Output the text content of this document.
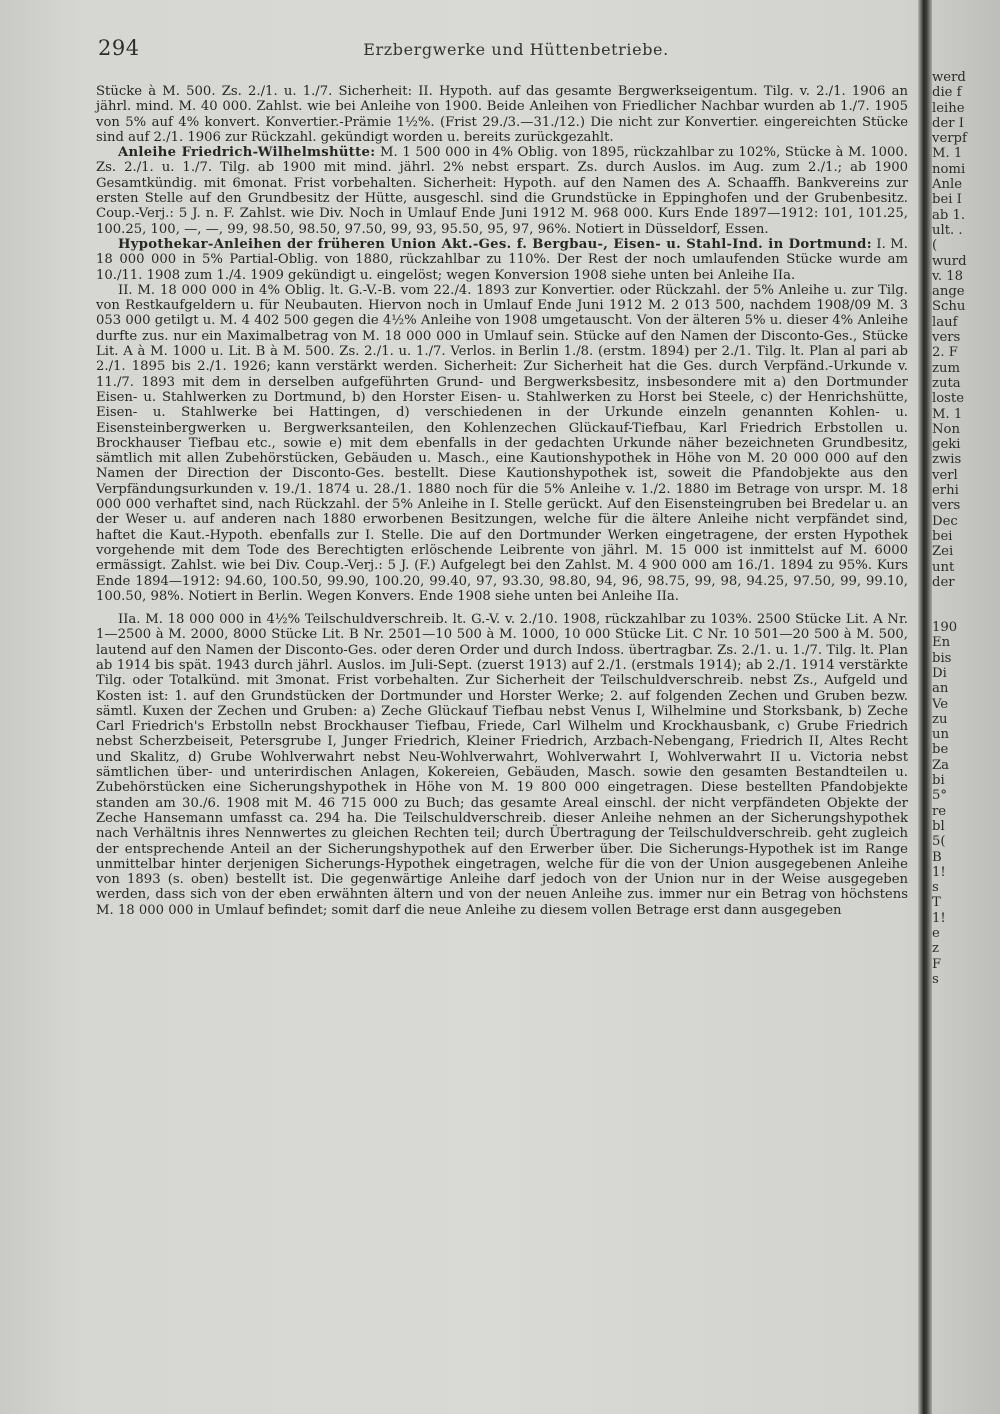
294	Erzbergwerke und Hüttenbetriebe.

Stücke à M. 500. Zs. 2./1. u. 1./7. Sicherheit: II. Hypoth. auf das gesamte Bergwerkseigentum. Tilg. v. 2./1. 1906 an jährl. mind. M. 40 000. Zahlst. wie bei Anleihe von 1900. Beide Anleihen von Friedlicher Nachbar wurden ab 1./7. 1905 von 5% auf 4% konvert. Konvertier.-Prämie 1½%. (Frist 29./3.—31./12.) Die nicht zur Konvertier. eingereichten Stücke sind auf 2./1. 1906 zur Rückzahl. gekündigt worden u. bereits zurückgezahlt.

Anleihe Friedrich-Wilhelmshütte: M. 1 500 000 in 4% Oblig. von 1895, rückzahlbar zu 102%, Stücke à M. 1000. Zs. 2./1. u. 1./7. Tilg. ab 1900 mit mind. jährl. 2% nebst erspart. Zs. durch Auslos. im Aug. zum 2./1.; ab 1900 Gesamtkündig. mit 6monat. Frist vorbehalten. Sicherheit: Hypoth. auf den Namen des A. Schaaffh. Bankvereins zur ersten Stelle auf den Grundbesitz der Hütte, ausgeschl. sind die Grundstücke in Eppinghofen und der Grubenbesitz. Coup.-Verj.: 5 J. n. F. Zahlst. wie Div. Noch in Umlauf Ende Juni 1912 M. 968 000. Kurs Ende 1897—1912: 101, 101.25, 100.25, 100, —, —, 99, 98.50, 98.50, 97.50, 99, 93, 95.50, 95, 97, 96%. Notiert in Düsseldorf, Essen.

Hypothekar-Anleihen der früheren Union Akt.-Ges. f. Bergbau-, Eisen- u. Stahl-Ind. in Dortmund: I. M. 18 000 000 in 5% Partial-Oblig. von 1880, rückzahlbar zu 110%. Der Rest der noch umlaufenden Stücke wurde am 10./11. 1908 zum 1./4. 1909 gekündigt u. eingelöst; wegen Konversion 1908 siehe unten bei Anleihe IIa.

II. M. 18 000 000 in 4% Oblig. lt. G.-V.-B. vom 22./4. 1893 zur Konvertier. oder Rückzahl. der 5% Anleihe u. zur Tilg. von Restkaufgeldern u. für Neubauten. Hiervon noch in Umlauf Ende Juni 1912 M. 2 013 500, nachdem 1908/09 M. 3 053 000 getilgt u. M. 4 402 500 gegen die 4½% Anleihe von 1908 umgetauscht. Von der älteren 5% u. dieser 4% Anleihe durfte zus. nur ein Maximalbetrag von M. 18 000 000 in Umlauf sein. Stücke auf den Namen der Disconto-Ges., Stücke Lit. A à M. 1000 u. Lit. B à M. 500. Zs. 2./1. u. 1./7. Verlos. in Berlin 1./8. (erstm. 1894) per 2./1. Tilg. lt. Plan al pari ab 2./1. 1895 bis 2./1. 1926; kann verstärkt werden. Sicherheit: Zur Sicherheit hat die Ges. durch Verpfänd.-Urkunde v. 11./7. 1893 mit dem in derselben aufgeführten Grund- und Bergwerksbesitz, insbesondere mit a) den Dortmunder Eisen- u. Stahlwerken zu Dortmund, b) den Horster Eisen- u. Stahlwerken zu Horst bei Steele, c) der Henrichshütte, Eisen- u. Stahlwerke bei Hattingen, d) verschiedenen in der Urkunde einzeln genannten Kohlen- u. Eisensteinbergwerken u. Bergwerksanteilen, den Kohlenzechen Glückauf-Tiefbau, Karl Friedrich Erbstollen u. Brockhauser Tiefbau etc., sowie e) mit dem ebenfalls in der gedachten Urkunde näher bezeichneten Grundbesitz, sämtlich mit allen Zubehörstücken, Gebäuden u. Masch., eine Kautionshypothek in Höhe von M. 20 000 000 auf den Namen der Direction der Disconto-Ges. bestellt. Diese Kautionshypothek ist, soweit die Pfandobjekte aus den Verpfändungsurkunden v. 19./1. 1874 u. 28./1. 1880 noch für die 5% Anleihe v. 1./2. 1880 im Betrage von urspr. M. 18 000 000 verhaftet sind, nach Rückzahl. der 5% Anleihe in I. Stelle gerückt. Auf den Eisensteingruben bei Bredelar u. an der Weser u. auf anderen nach 1880 erworbenen Besitzungen, welche für die ältere Anleihe nicht verpfändet sind, haftet die Kaut.-Hypoth. ebenfalls zur I. Stelle. Die auf den Dortmunder Werken eingetragene, der ersten Hypothek vorgehende mit dem Tode des Berechtigten erlöschende Leibrente von jährl. M. 15 000 ist inmittelst auf M. 6000 ermässigt. Zahlst. wie bei Div. Coup.-Verj.: 5 J. (F.) Aufgelegt bei den Zahlst. M. 4 900 000 am 16./1. 1894 zu 95%. Kurs Ende 1894—1912: 94.60, 100.50, 99.90, 100.20, 99.40, 97, 93.30, 98.80, 94, 96, 98.75, 99, 98, 94.25, 97.50, 99, 99.10, 100.50, 98%. Notiert in Berlin. Wegen Konvers. Ende 1908 siehe unten bei Anleihe IIa.

IIa. M. 18 000 000 in 4½% Teilschuldverschreib. lt. G.-V. v. 2./10. 1908, rückzahlbar zu 103%. 2500 Stücke Lit. A Nr. 1—2500 à M. 2000, 8000 Stücke Lit. B Nr. 2501—10 500 à M. 1000, 10 000 Stücke Lit. C Nr. 10 501—20 500 à M. 500, lautend auf den Namen der Disconto-Ges. oder deren Order und durch Indoss. übertragbar. Zs. 2./1. u. 1./7. Tilg. lt. Plan ab 1914 bis spät. 1943 durch jährl. Auslos. im Juli-Sept. (zuerst 1913) auf 2./1. (erstmals 1914); ab 2./1. 1914 verstärkte Tilg. oder Totalkünd. mit 3monat. Frist vorbehalten. Zur Sicherheit der Teilschuldverschreib. nebst Zs., Aufgeld und Kosten ist: 1. auf den Grundstücken der Dortmunder und Horster Werke; 2. auf folgenden Zechen und Gruben bezw. sämtl. Kuxen der Zechen und Gruben: a) Zeche Glückauf Tiefbau nebst Venus I, Wilhelmine und Storksbank, b) Zeche Carl Friedrich's Erbstolln nebst Brockhauser Tiefbau, Friede, Carl Wilhelm und Krockhausbank, c) Grube Friedrich nebst Scherzbeiseit, Petersgrube I, Junger Friedrich, Kleiner Friedrich, Arzbach-Nebengang, Friedrich II, Altes Recht und Skalitz, d) Grube Wohlverwahrt nebst Neu-Wohlverwahrt, Wohlverwahrt I, Wohlverwahrt II u. Victoria nebst sämtlichen über- und unterirdischen Anlagen, Kokereien, Gebäuden, Masch. sowie den gesamten Bestandteilen u. Zubehörstücken eine Sicherungshypothek in Höhe von M. 19 800 000 eingetragen. Diese bestellten Pfandobjekte standen am 30./6. 1908 mit M. 46 715 000 zu Buch; das gesamte Areal einschl. der nicht verpfändeten Objekte der Zeche Hansemann umfasst ca. 294 ha. Die Teilschuldverschreib. dieser Anleihe nehmen an der Sicherungshypothek nach Verhältnis ihres Nennwertes zu gleichen Rechten teil; durch Übertragung der Teilschuldverschreib. geht zugleich der entsprechende Anteil an der Sicherungshypothek auf den Erwerber über. Die Sicherungs-Hypothek ist im Range unmittelbar hinter derjenigen Sicherungs-Hypothek eingetragen, welche für die von der Union ausgegebenen Anleihe von 1893 (s. oben) bestellt ist. Die gegenwärtige Anleihe darf jedoch von der Union nur in der Weise ausgegeben werden, dass sich von der eben erwähnten ältern und von der neuen Anleihe zus. immer nur ein Betrag von höchstens M. 18 000 000 in Umlauf befindet; somit darf die neue Anleihe zu diesem vollen Betrage erst dann ausgegeben

werd
die f
leihe
der I
verpf
M. 1
nomi
Anle
bei I
ab 1.
ult. .
(
wurd
v. 18
ange
Schu
lauf
vers
2. F
zum
zuta
loste
M. 1
Non
geki
zwis
verl
erhi
vers
Dec
bei
Zei
unt
der
190
En
bis
Di
an
Ve
zu
un
be
Za
bi
5°
re
bl
5(
B
1!
s
T
1!
e
z
F
s
